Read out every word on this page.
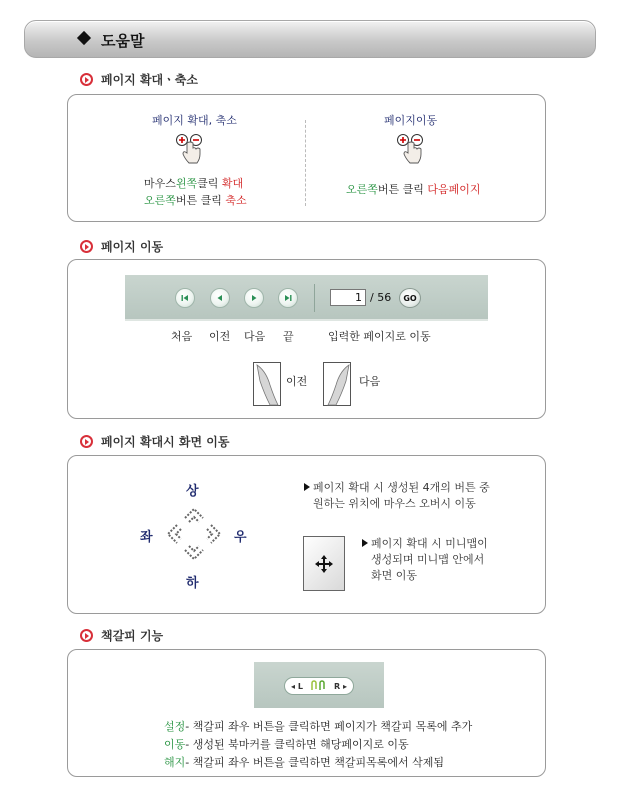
도움말
페이지 확대ㆍ축소
페이지 확대, 축소
마우스왼쪽클릭 확대
오른쪽버튼 클릭 축소
페이지이동
오른쪽버튼 클릭 다음페이지
페이지 이동
1 / 56	GO
처음 이전 다음 끝	입력한 페이지로 이동
이전	다음
페이지 확대시 화면 이동
상
하
좌	우
페이지 확대 시 생성된 4개의 버튼 중
원하는 위치에 마우스 오버시 이동
페이지 확대 시 미니맵이
생성되며 미니맵 안에서
화면 이동
책갈피 기능
◂ L	R ▸
설정- 책갈피 좌우 버튼을 클릭하면 페이지가 책갈피 목록에 추가
이동- 생성된 북마커를 클릭하면 해당페이지로 이동
해지- 책갈피 좌우 버튼을 클릭하면 책갈피목록에서 삭제됨
